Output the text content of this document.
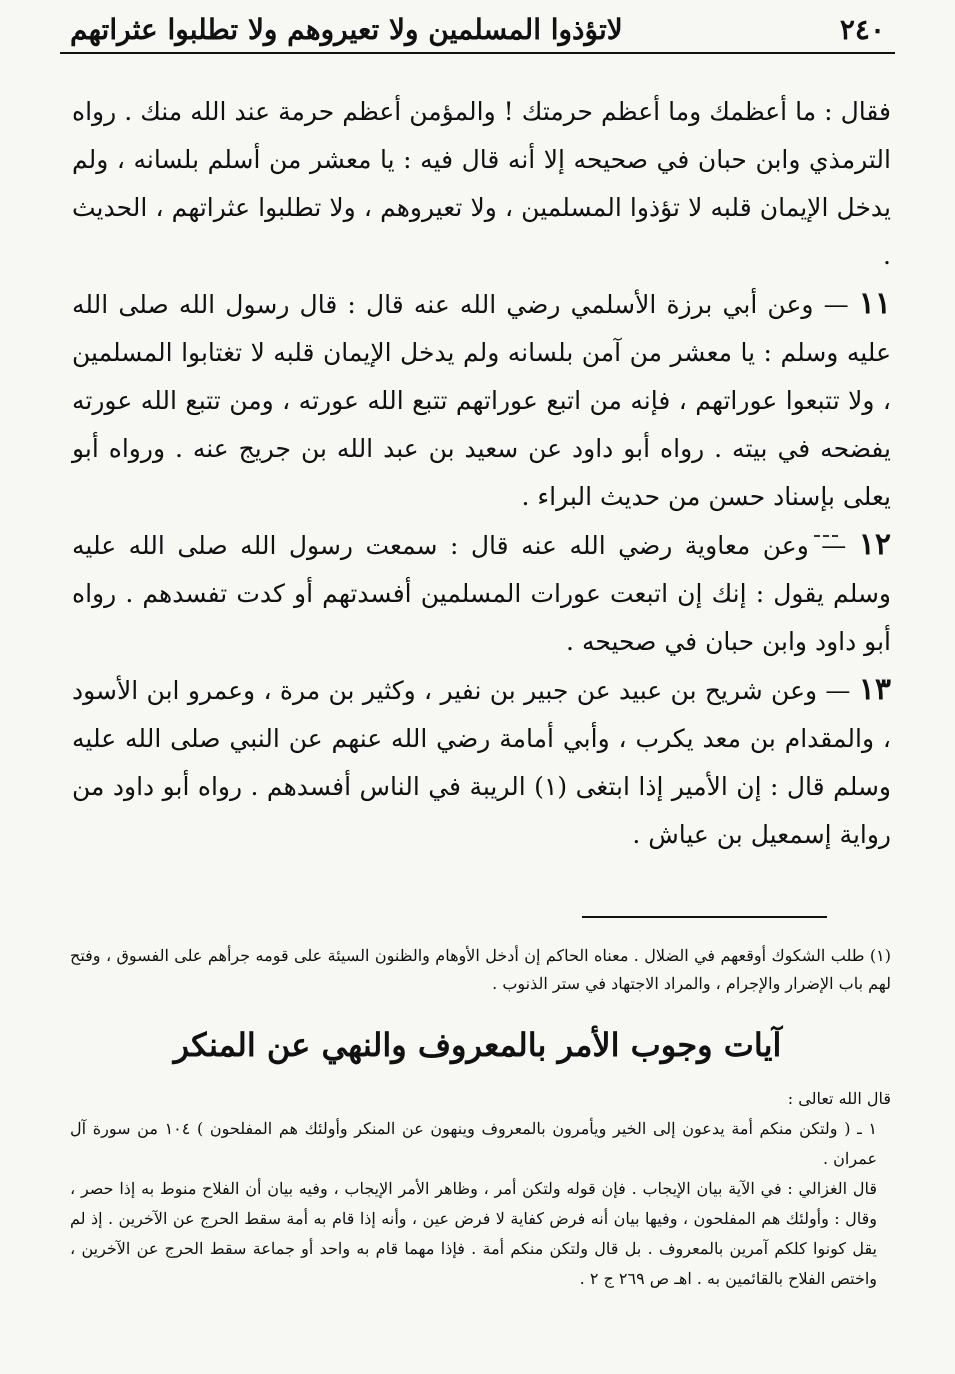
٢٤٠
لاتؤذوا المسلمين ولا تعيروهم ولا تطلبوا عثراتهم

فقال : ما أعظمك وما أعظم حرمتك ! والمؤمن أعظم حرمة عند الله منك . رواه الترمذي وابن حبان في صحيحه إلا أنه قال فيه : يا معشر من أسلم بلسانه ، ولم يدخل الإيمان قلبه لا تؤذوا المسلمين ، ولا تعيروهم ، ولا تطلبوا عثراتهم ، الحديث .

١١ — وعن أبي برزة الأسلمي رضي الله عنه قال : قال رسول الله صلى الله عليه وسلم : يا معشر من آمن بلسانه ولم يدخل الإيمان قلبه لا تغتابوا المسلمين ، ولا تتبعوا عوراتهم ، فإنه من اتبع عوراتهم تتبع الله عورته ، ومن تتبع الله عورته يفضحه في بيته . رواه أبو داود عن سعيد بن عبد الله بن جريج عنه . ورواه أبو يعلى بإسناد حسن من حديث البراء .

١٢ — وعن معاوية رضي الله عنه قال : سمعت رسول الله صلى الله عليه وسلم يقول : إنك إن اتبعت عورات المسلمين أفسدتهم أو كدت تفسدهم . رواه أبو داود وابن حبان في صحيحه .

١٣ — وعن شريح بن عبيد عن جبير بن نفير ، وكثير بن مرة ، وعمرو ابن الأسود ، والمقدام بن معد يكرب ، وأبي أمامة رضي الله عنهم عن النبي صلى الله عليه وسلم قال : إن الأمير إذا ابتغى (١) الريبة في الناس أفسدهم . رواه أبو داود من رواية إسمعيل بن عياش .

(١) طلب الشكوك أوقعهم في الضلال . معناه الحاكم إن أدخل الأوهام والظنون السيئة على قومه جرأهم على الفسوق ، وفتح لهم باب الإضرار والإجرام ، والمراد الاجتهاد في ستر الذنوب .
آيات وجوب الأمر بالمعروف والنهي عن المنكر

قال الله تعالى :

١ ـ ( ولتكن منكم أمة يدعون إلى الخير ويأمرون بالمعروف وينهون عن المنكر وأولئك هم المفلحون ) ١٠٤ من سورة آل عمران .

قال الغزالي : في الآية بيان الإيجاب . فإن قوله ولتكن أمر ، وظاهر الأمر الإيجاب ، وفيه بيان أن الفلاح منوط به إذا حصر ، وقال : وأولئك هم المفلحون ، وفيها بيان أنه فرض كفاية لا فرض عين ، وأنه إذا قام به أمة سقط الحرج عن الآخرين . إذ لم يقل كونوا كلكم آمرين بالمعروف . بل قال ولتكن منكم أمة . فإذا مهما قام به واحد أو جماعة سقط الحرج عن الآخرين ، واختص الفلاح بالقائمين به . اهـ ص ٢٦٩ ج ٢ .
